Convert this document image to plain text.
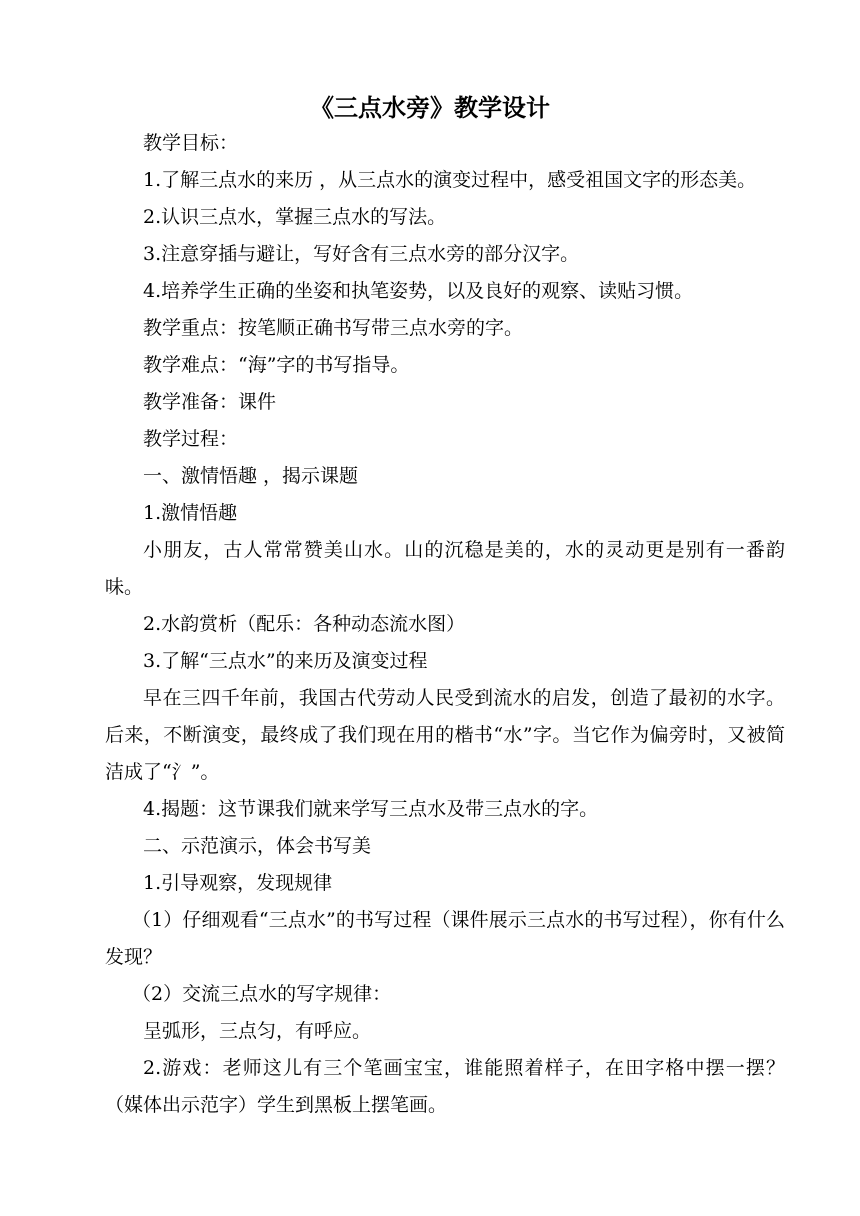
《三点水旁》教学设计
教学目标：
1.了解三点水的来历 ，从三点水的演变过程中，感受祖国文字的形态美。
2.认识三点水，掌握三点水的写法。
3.注意穿插与避让，写好含有三点水旁的部分汉字。
4.培养学生正确的坐姿和执笔姿势，以及良好的观察、读贴习惯。
教学重点：按笔顺正确书写带三点水旁的字。
教学难点：“海”字的书写指导。
教学准备：课件
教学过程：
一、激情悟趣 ，揭示课题
1.激情悟趣
小朋友，古人常常赞美山水。山的沉稳是美的，水的灵动更是别有一番韵味。
2.水韵赏析（配乐：各种动态流水图）
3.了解“三点水”的来历及演变过程
早在三四千年前，我国古代劳动人民受到流水的启发，创造了最初的水字。后来，不断演变，最终成了我们现在用的楷书“水”字。当它作为偏旁时，又被简洁成了“氵”。
4.揭题：这节课我们就来学写三点水及带三点水的字。
二、示范演示，体会书写美
1.引导观察，发现规律
（1）仔细观看“三点水”的书写过程（课件展示三点水的书写过程），你有什么发现？
（2）交流三点水的写字规律：
呈弧形，三点匀，有呼应。
2.游戏：老师这儿有三个笔画宝宝，谁能照着样子，在田字格中摆一摆？（媒体出示范字）学生到黑板上摆笔画。
